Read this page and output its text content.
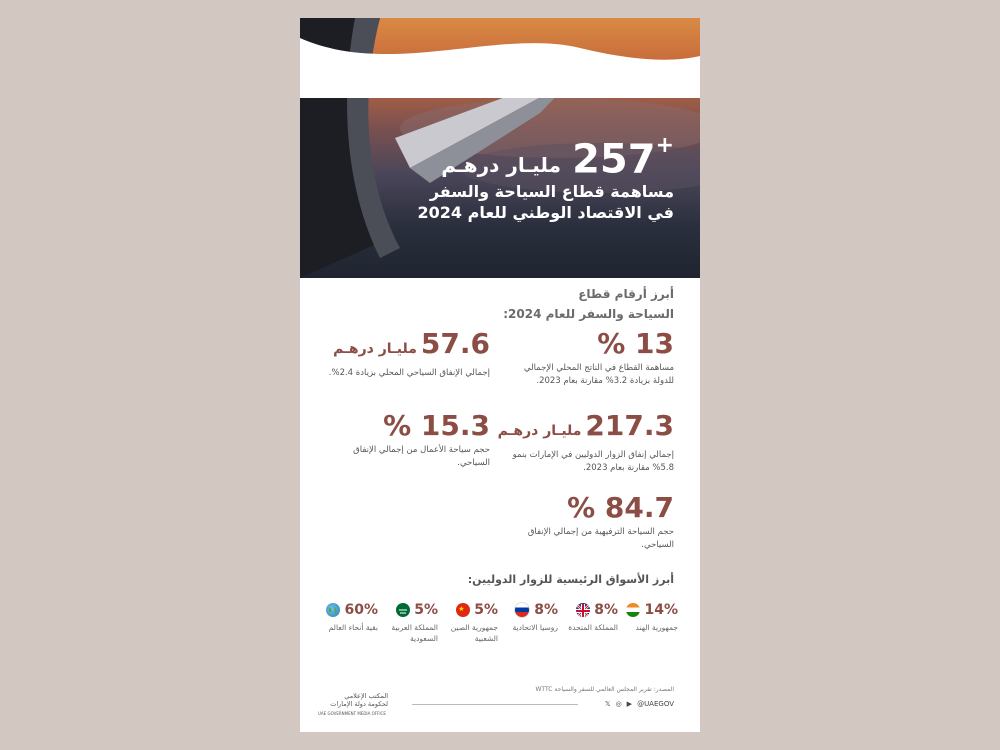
+257 مليـار درهـم
مساهمة قطاع السياحة والسفر
في الاقتصاد الوطني للعام 2024
أبرز أرقام قطاع
السياحة والسفر للعام 2024:
13 %
مساهمة القطاع في الناتج المحلي الإجمالي للدولة بزيادة 3.2% مقارنة بعام 2023.
57.6مليـار درهـم
إجمالي الإنفاق السياحي المحلي بزيادة 2.4%.
217.3مليـار درهـم
إجمالي إنفاق الزوار الدوليين في الإمارات بنمو 5.8% مقارنة بعام 2023.
15.3 %
حجم سياحة الأعمال من إجمالي الإنفاق السياحي.
84.7 %
حجم السياحة الترفيهية من إجمالي الإنفاق السياحي.
أبرز الأسواق الرئيسية للزوار الدوليين:
14%
جمهورية الهند
8%
المملكة المتحدة
8%
روسيا الاتحادية
5%
★
جمهورية الصين الشعبية
5%
المملكة العربية السعودية
60%
بقية أنحاء العالم
المصدر: تقرير المجلس العالمي للسفر والسياحة WTTC
𝕏 ◎ ▶ @UAEGOV
المكتب الإعلامي
لحكومة دولة الإمارات
UAE GOVERNMENT MEDIA OFFICE
